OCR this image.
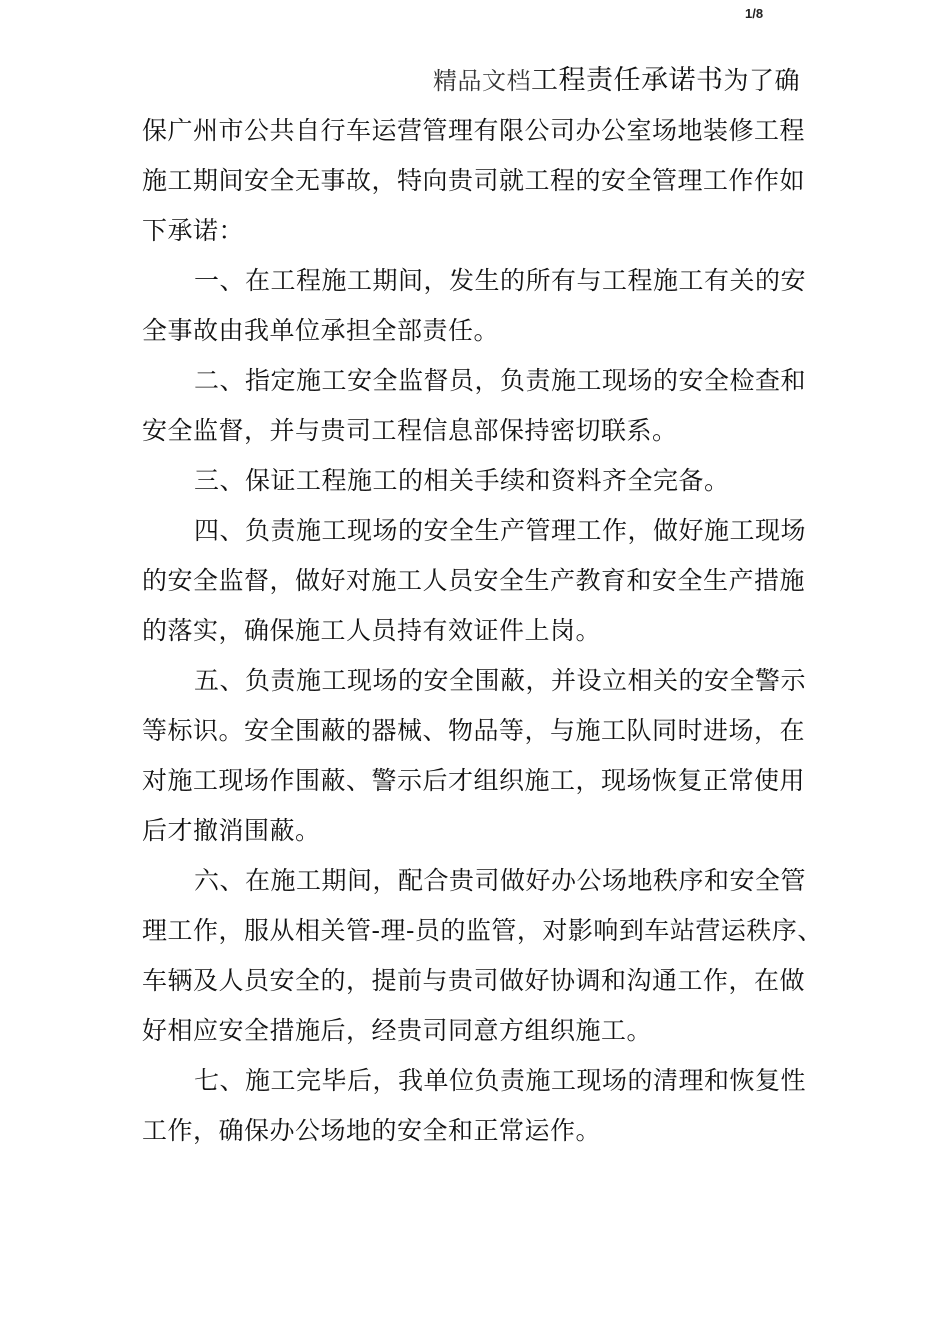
1/8
精品文档工程责任承诺书为了确
保广州市公共自行车运营管理有限公司办公室场地装修工程
施工期间安全无事故，特向贵司就工程的安全管理工作作如
下承诺：
一、在工程施工期间，发生的所有与工程施工有关的安
全事故由我单位承担全部责任。
二、指定施工安全监督员，负责施工现场的安全检查和
安全监督，并与贵司工程信息部保持密切联系。
三、保证工程施工的相关手续和资料齐全完备。
四、负责施工现场的安全生产管理工作，做好施工现场
的安全监督，做好对施工人员安全生产教育和安全生产措施
的落实，确保施工人员持有效证件上岗。
五、负责施工现场的安全围蔽，并设立相关的安全警示
等标识。安全围蔽的器械、物品等，与施工队同时进场，在
对施工现场作围蔽、警示后才组织施工，现场恢复正常使用
后才撤消围蔽。
六、在施工期间，配合贵司做好办公场地秩序和安全管
理工作，服从相关管-理-员的监管，对影响到车站营运秩序、
车辆及人员安全的，提前与贵司做好协调和沟通工作，在做
好相应安全措施后，经贵司同意方组织施工。
七、施工完毕后，我单位负责施工现场的清理和恢复性
工作，确保办公场地的安全和正常运作。
